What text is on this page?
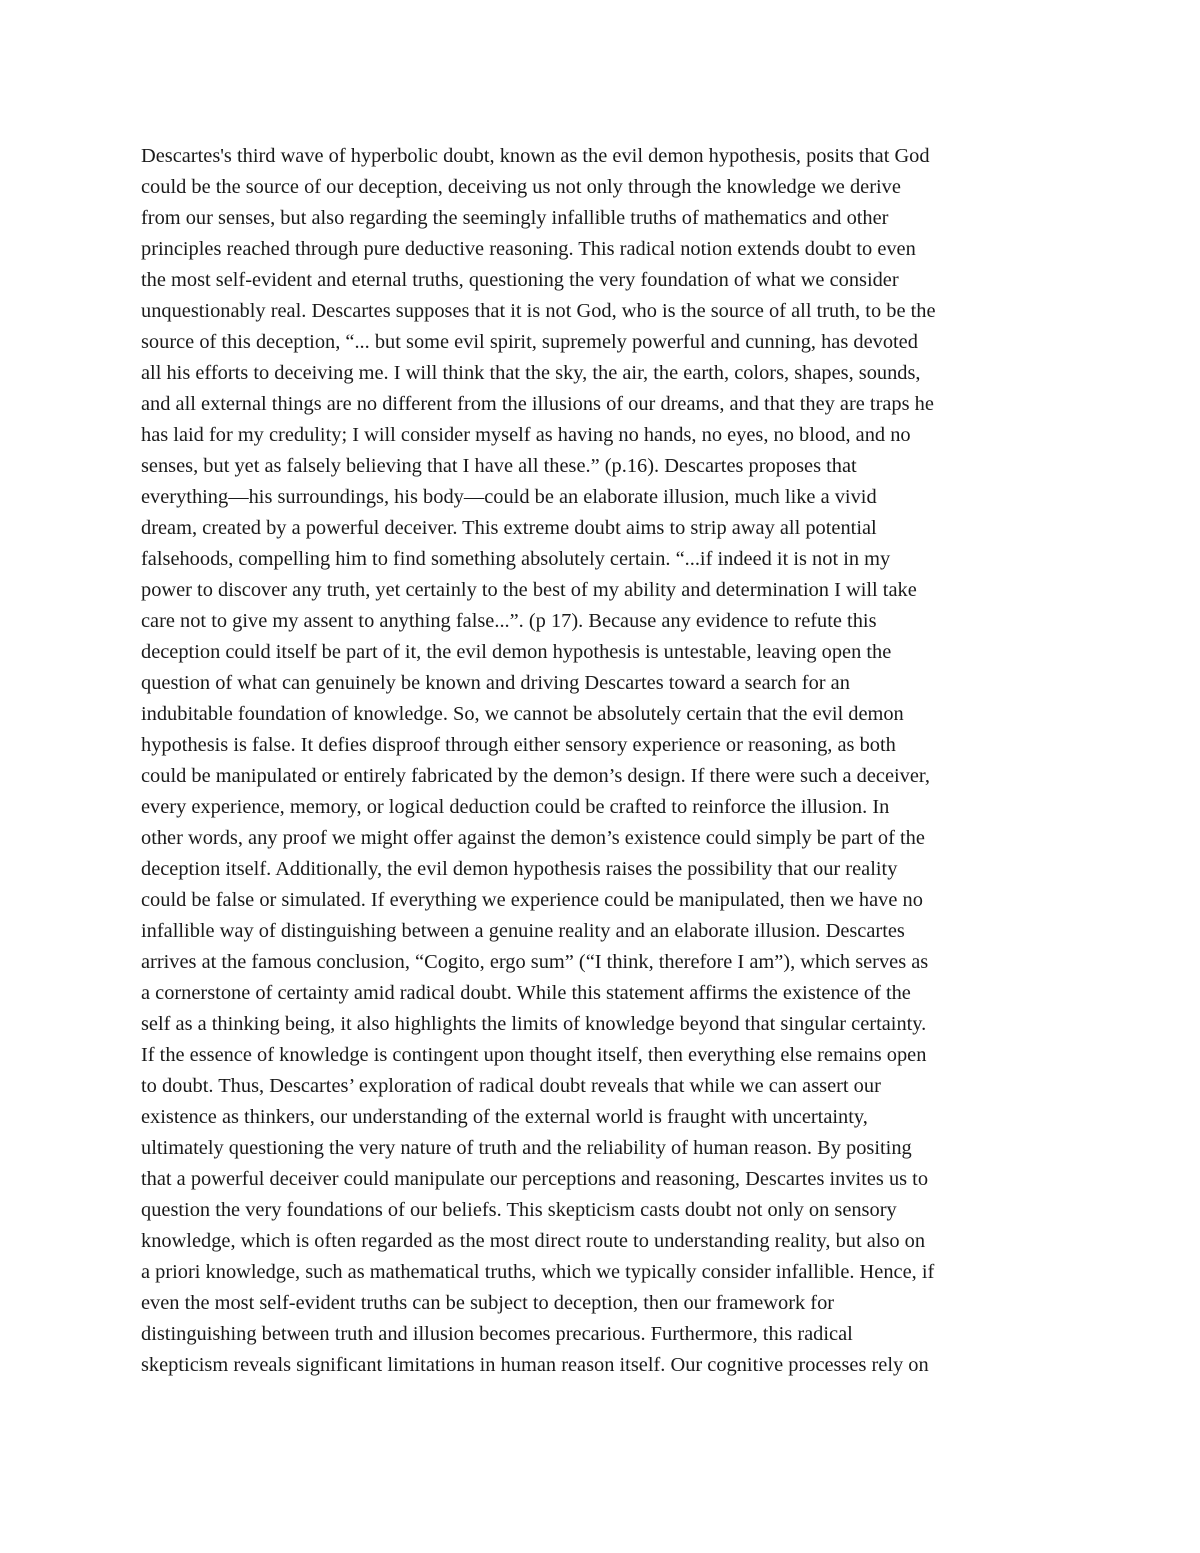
Descartes's third wave of hyperbolic doubt, known as the evil demon hypothesis, posits that God
could be the source of our deception, deceiving us not only through the knowledge we derive
from our senses, but also regarding the seemingly infallible truths of mathematics and other
principles reached through pure deductive reasoning. This radical notion extends doubt to even
the most self-evident and eternal truths, questioning the very foundation of what we consider
unquestionably real. Descartes supposes that it is not God, who is the source of all truth, to be the
source of this deception, “... but some evil spirit, supremely powerful and cunning, has devoted
all his efforts to deceiving me. I will think that the sky, the air, the earth, colors, shapes, sounds,
and all external things are no different from the illusions of our dreams, and that they are traps he
has laid for my credulity; I will consider myself as having no hands, no eyes, no blood, and no
senses, but yet as falsely believing that I have all these.” (p.16). Descartes proposes that
everything—his surroundings, his body—could be an elaborate illusion, much like a vivid
dream, created by a powerful deceiver. This extreme doubt aims to strip away all potential
falsehoods, compelling him to find something absolutely certain. “...if indeed it is not in my
power to discover any truth, yet certainly to the best of my ability and determination I will take
care not to give my assent to anything false...”. (p 17). Because any evidence to refute this
deception could itself be part of it, the evil demon hypothesis is untestable, leaving open the
question of what can genuinely be known and driving Descartes toward a search for an
indubitable foundation of knowledge. So, we cannot be absolutely certain that the evil demon
hypothesis is false. It defies disproof through either sensory experience or reasoning, as both
could be manipulated or entirely fabricated by the demon’s design. If there were such a deceiver,
every experience, memory, or logical deduction could be crafted to reinforce the illusion. In
other words, any proof we might offer against the demon’s existence could simply be part of the
deception itself. Additionally, the evil demon hypothesis raises the possibility that our reality
could be false or simulated. If everything we experience could be manipulated, then we have no
infallible way of distinguishing between a genuine reality and an elaborate illusion. Descartes
arrives at the famous conclusion, “Cogito, ergo sum” (“I think, therefore I am”), which serves as
a cornerstone of certainty amid radical doubt. While this statement affirms the existence of the
self as a thinking being, it also highlights the limits of knowledge beyond that singular certainty.
If the essence of knowledge is contingent upon thought itself, then everything else remains open
to doubt. Thus, Descartes’ exploration of radical doubt reveals that while we can assert our
existence as thinkers, our understanding of the external world is fraught with uncertainty,
ultimately questioning the very nature of truth and the reliability of human reason. By positing
that a powerful deceiver could manipulate our perceptions and reasoning, Descartes invites us to
question the very foundations of our beliefs. This skepticism casts doubt not only on sensory
knowledge, which is often regarded as the most direct route to understanding reality, but also on
a priori knowledge, such as mathematical truths, which we typically consider infallible. Hence, if
even the most self-evident truths can be subject to deception, then our framework for
distinguishing between truth and illusion becomes precarious. Furthermore, this radical
skepticism reveals significant limitations in human reason itself. Our cognitive processes rely on
